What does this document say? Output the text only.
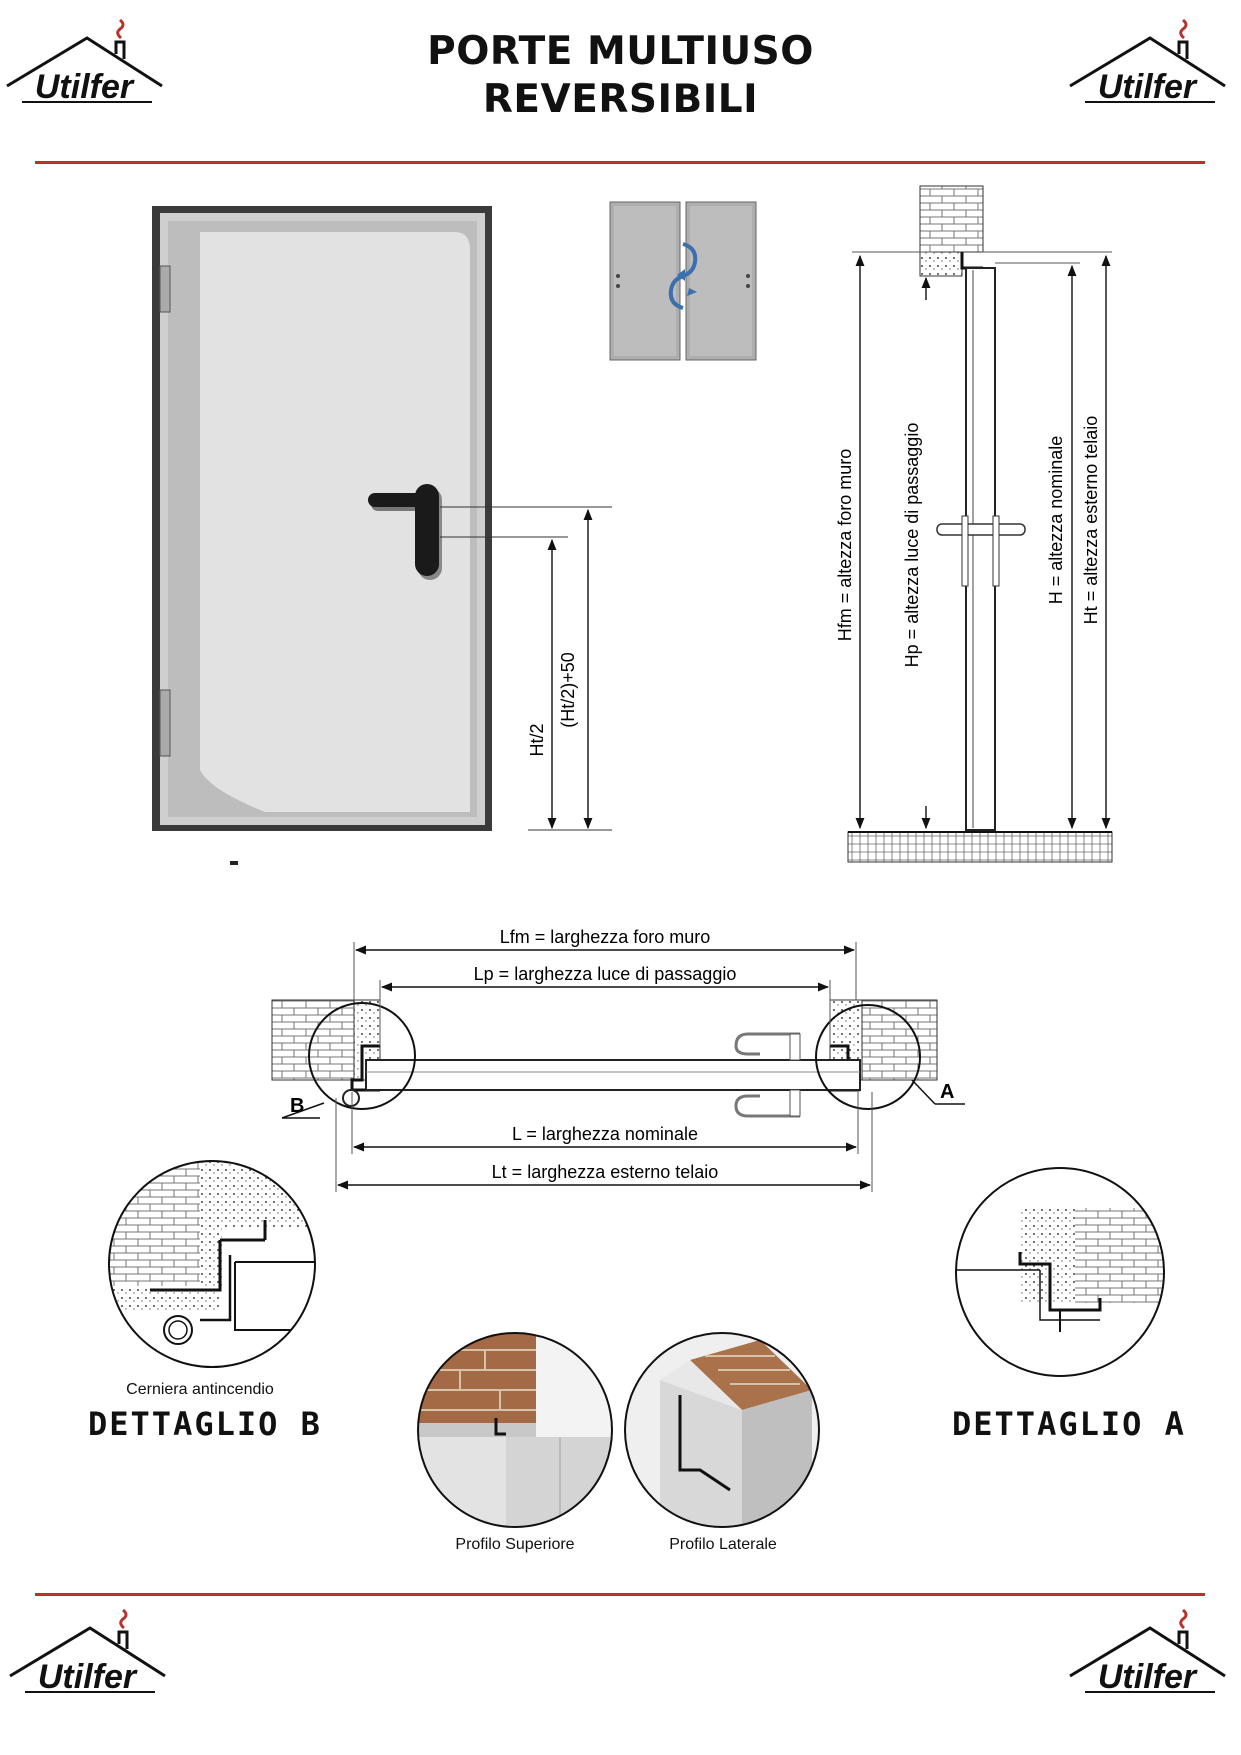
PORTE MULTIUSO
REVERSIBILI
Utilfer	Utilfer
Utilfer	Utilfer
Ht/2
(Ht/2)+50
Hfm = altezza foro muro	Hp = altezza luce di passaggio	H = altezza nominale Ht = altezza esterno telaio
B
A
Lfm = larghezza foro muro
Lp = larghezza luce di passaggio
L = larghezza nominale
Lt = larghezza esterno telaio
Cerniera antincendio
DETTAGLIO B	DETTAGLIO A
Profilo Superiore	Profilo Laterale
